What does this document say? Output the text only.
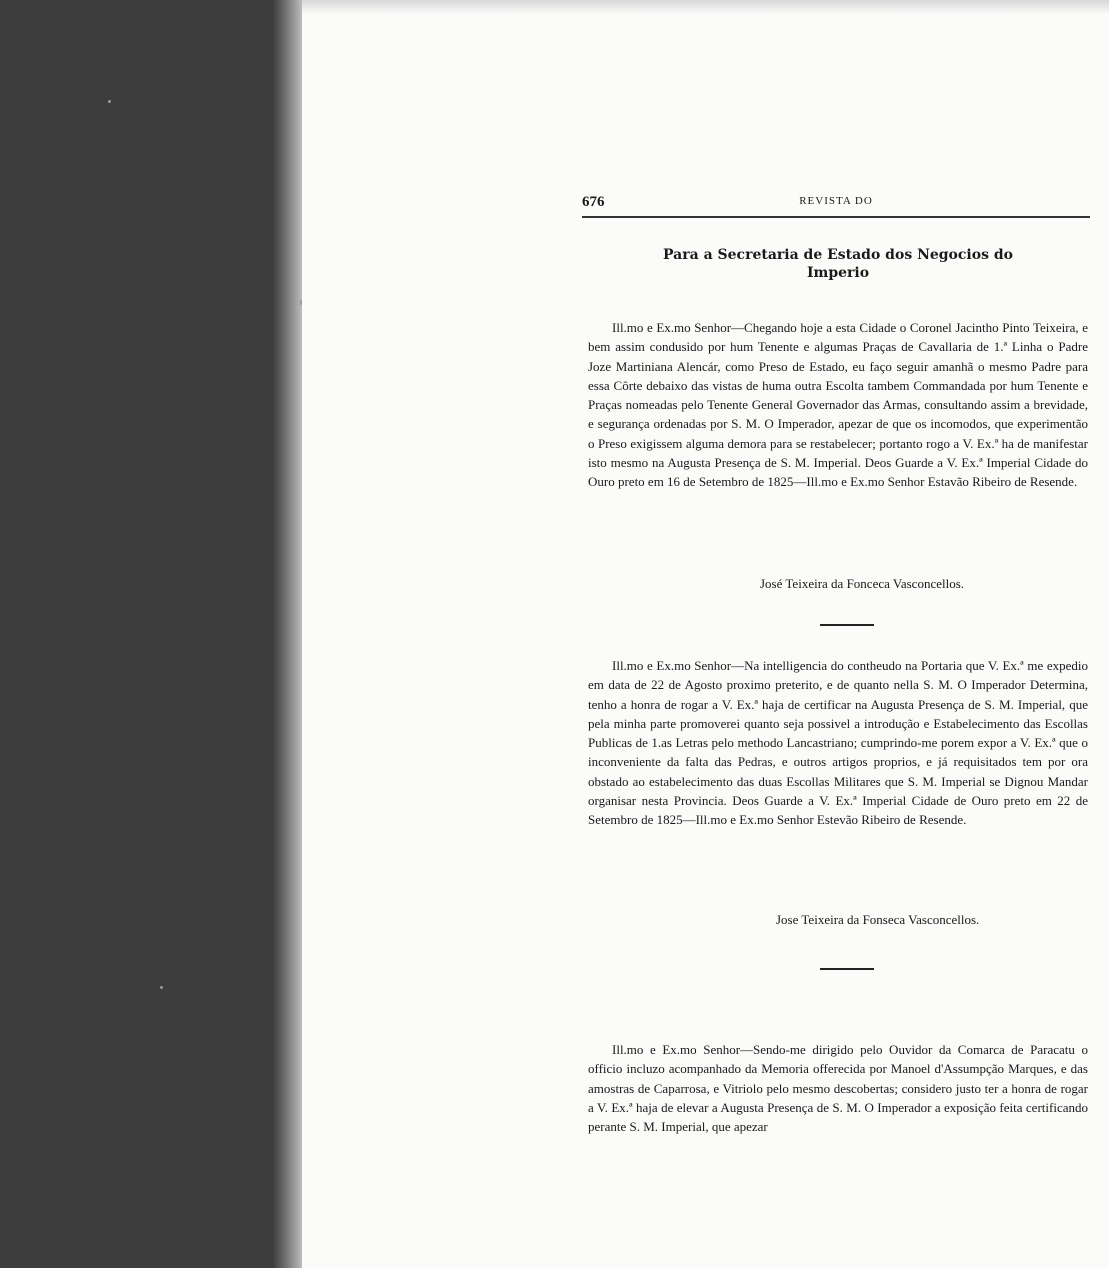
676	REVISTA DO
Para a Secretaria de Estado dos Negocios do
Imperio

Ill.mo e Ex.mo Senhor—Chegando hoje a esta Cidade o Coronel Jacintho Pinto Teixeira, e bem assim condusido por hum Tenente e algumas Praças de Cavallaria de 1.ª Linha o Padre Joze Martiniana Alencár, como Preso de Estado, eu faço seguir amanhã o mesmo Padre para essa Côrte debaixo das vistas de huma outra Escolta tambem Commandada por hum Tenente e Praças nomeadas pelo Tenente General Governador das Armas, consultando assim a brevidade, e segurança ordenadas por S. M. O Imperador, apezar de que os incomodos, que experimentão o Preso exigissem alguma demora para se restabelecer; portanto rogo a V. Ex.ª ha de manifestar isto mesmo na Augusta Presença de S. M. Imperial. Deos Guarde a V. Ex.ª Imperial Cidade do Ouro preto em 16 de Setembro de 1825—Ill.mo e Ex.mo Senhor Estavão Ribeiro de Resende.

José Teixeira da Fonceca Vasconcellos.

Ill.mo e Ex.mo Senhor—Na intelligencia do contheudo na Portaria que V. Ex.ª me expedio em data de 22 de Agosto proximo preterito, e de quanto nella S. M. O Imperador Determina, tenho a honra de rogar a V. Ex.ª haja de certificar na Augusta Presença de S. M. Imperial, que pela minha parte promoverei quanto seja possivel a introdução e Estabelecimento das Escollas Publicas de 1.as Letras pelo methodo Lancastriano; cumprindo-me porem expor a V. Ex.ª que o inconveniente da falta das Pedras, e outros artigos proprios, e já requisitados tem por ora obstado ao estabelecimento das duas Escollas Militares que S. M. Imperial se Dignou Mandar organisar nesta Provincia. Deos Guarde a V. Ex.ª Imperial Cidade de Ouro preto em 22 de Setembro de 1825—Ill.mo e Ex.mo Senhor Estevão Ribeiro de Resende.

Jose Teixeira da Fonseca Vasconcellos.

Ill.mo e Ex.mo Senhor—Sendo-me dirigido pelo Ouvidor da Comarca de Paracatu o officio incluzo acompanhado da Memoria offerecida por Manoel d'Assumpção Marques, e das amostras de Caparrosa, e Vitriolo pelo mesmo descobertas; considero justo ter a honra de rogar a V. Ex.ª haja de elevar a Augusta Presença de S. M. O Imperador a exposição feita certificando perante S. M. Imperial, que apezar
